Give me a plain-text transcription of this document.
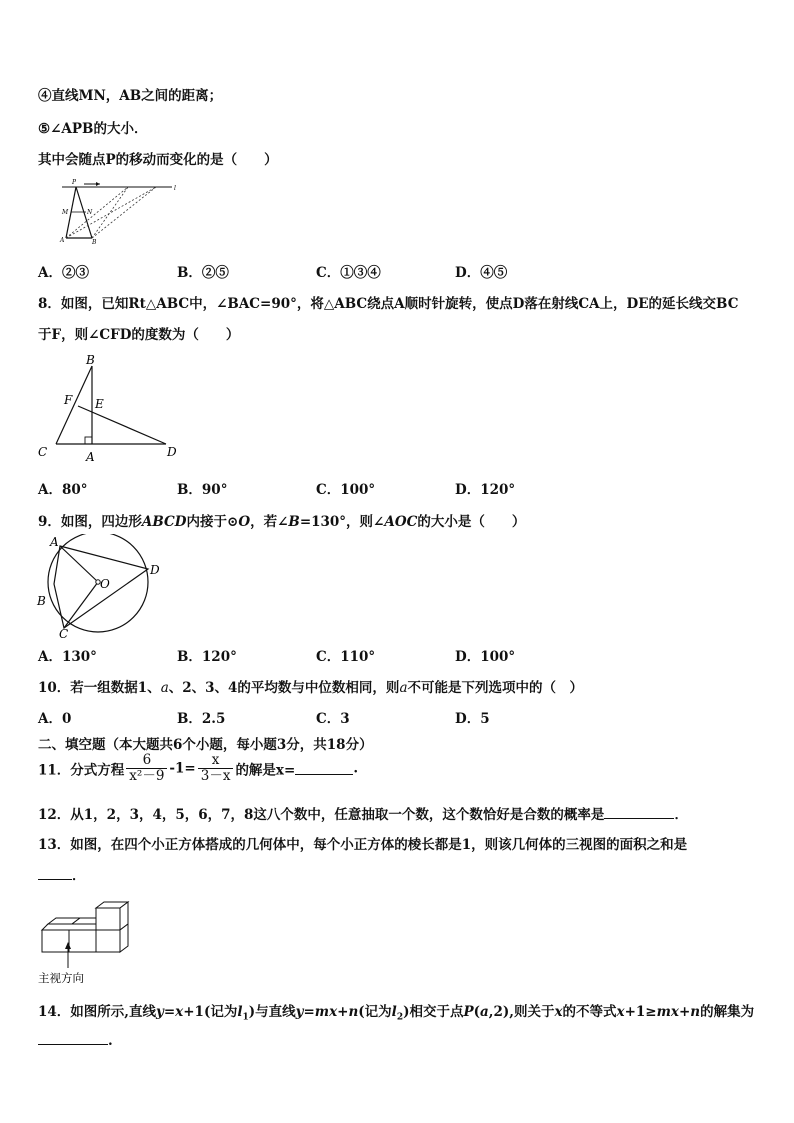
④直线MN，AB之间的距离；
⑤∠APB的大小．
其中会随点P的移动而变化的是（　　）
P
M	N
A	B
l
A．②③	B．②⑤	C．①③④	D．④⑤
8．如图，已知Rt△ABC中，∠BAC=90°，将△ABC绕点A顺时针旋转，使点D落在射线CA上，DE的延长线交BC
于F，则∠CFD的度数为（　　）
B
F E
C	A	D
A．80°	B．90°	C．100°	D．120°
9．如图，四边形ABCD内接于⊙O，若∠B=130°，则∠AOC的大小是（　　）
A
B
C
D
O
A．130°	B．120°	C．110°	D．100°
10．若一组数据1、a、2、3、4的平均数与中位数相同，则a不可能是下列选项中的（　）
A．0	B．2.5	C．3	D．5
二、填空题（本大题共6个小题，每小题3分，共18分）
11．分式方程 $\frac{6}{\text{x²－9}} -1= \frac{x}{3-x}$ 的解是x=	.
12．从1，2，3，4，5，6，7，8这八个数中，任意抽取一个数，这个数恰好是合数的概率是	．
13．如图，在四个小正方体搭成的几何体中，每个小正方体的棱长都是1，则该几何体的三视图的面积之和是
．
主视方向
14．如图所示,直线y=x+1(记为$l_1$)与直线y=mx+n(记为$l_2$)相交于点P(a,2),则关于x的不等式x+1≥mx+n的解集为
.
